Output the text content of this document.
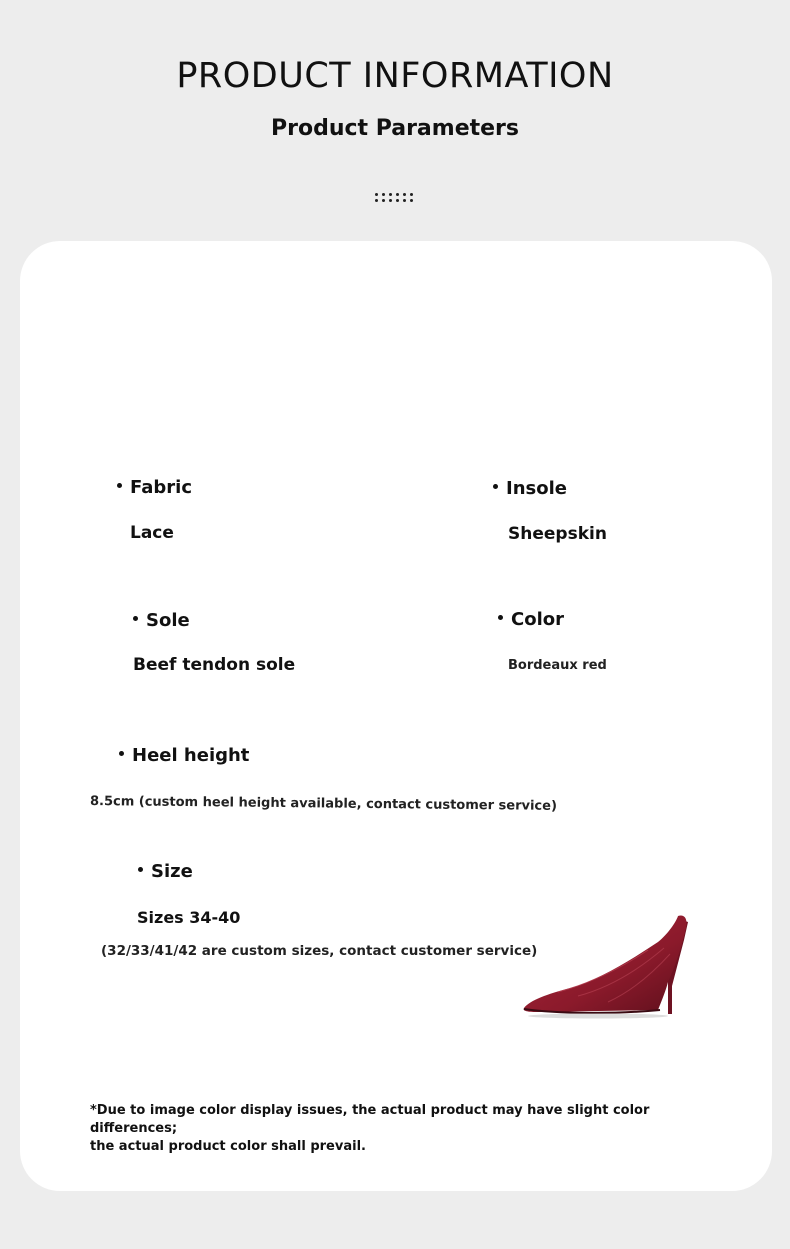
PRODUCT INFORMATION
Product Parameters
Fabric
Lace
Insole
Sheepskin
Sole
Beef tendon sole
Color
Bordeaux red
Heel height
8.5cm (custom heel height available, contact customer service)
Size
Sizes 34-40
(32/33/41/42 are custom sizes, contact customer service)
*Due to image color display issues, the actual product may have slight color differences;
the actual product color shall prevail.
